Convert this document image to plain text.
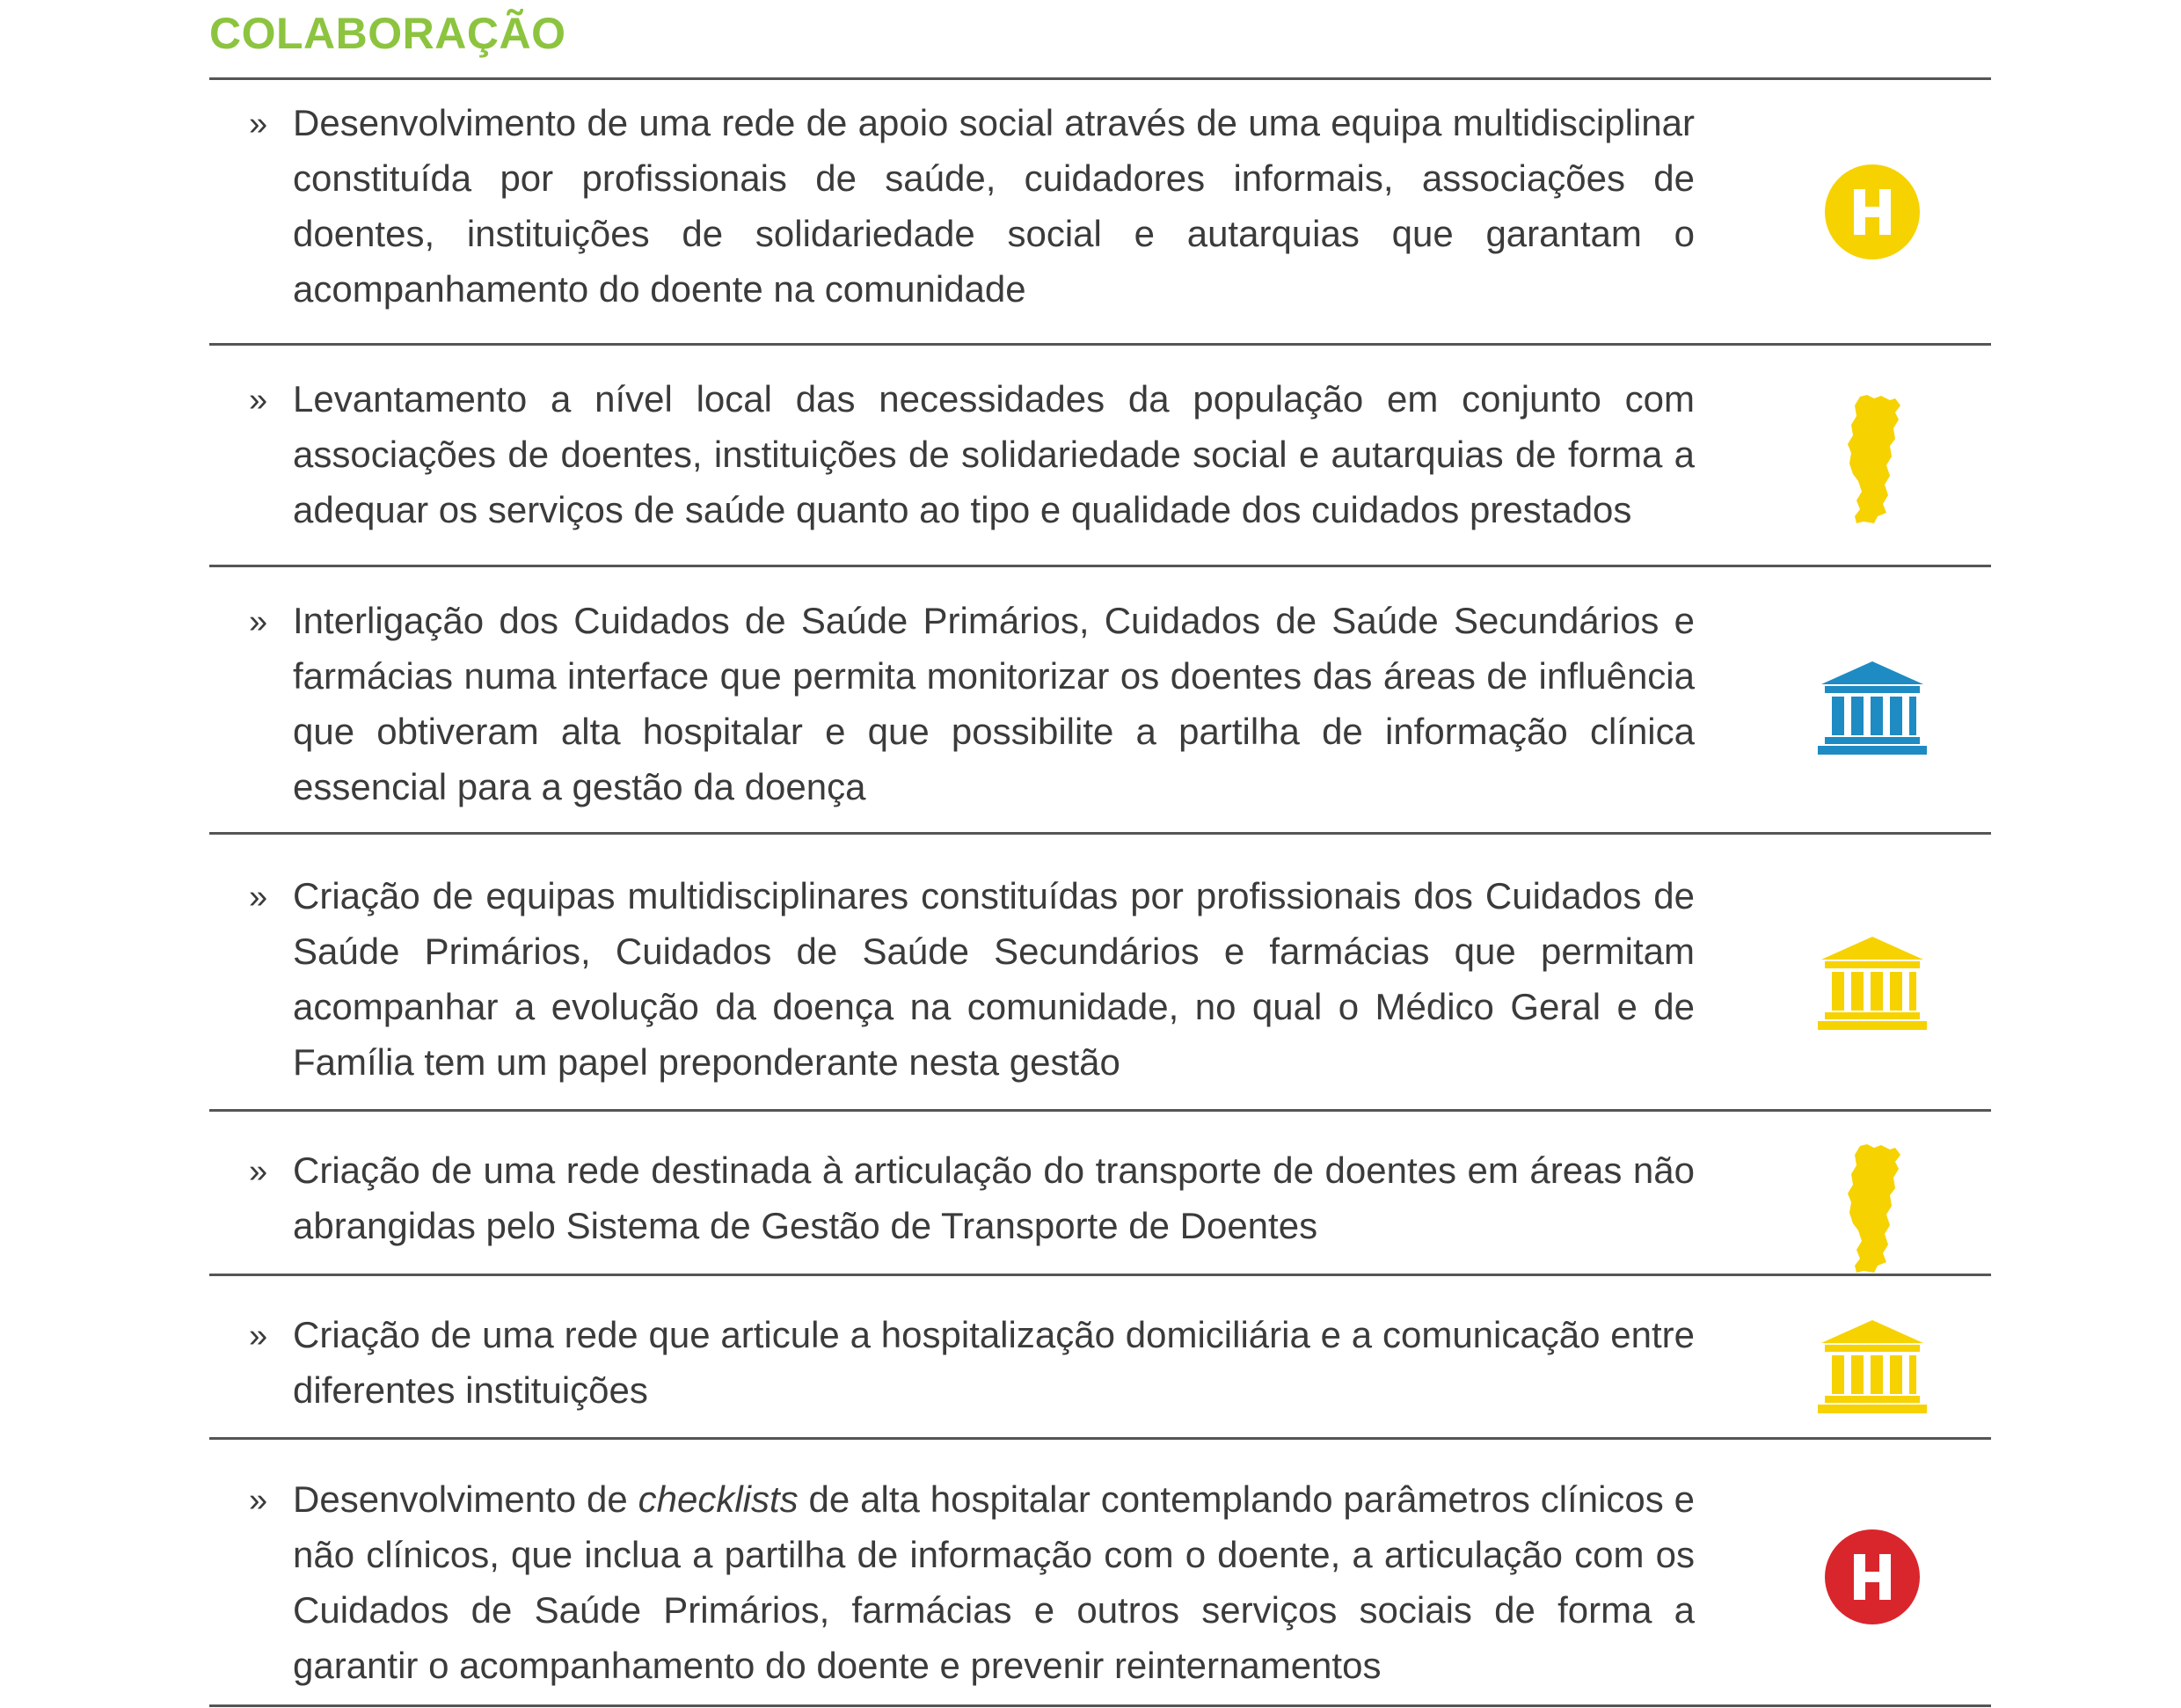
COLABORAÇÃO
» Desenvolvimento de uma rede de apoio social através de uma equipa multidisciplinar constituída por profissionais de saúde, cuidadores informais, associações de doentes, instituições de solidariedade social e autarquias que garantam o acompanhamento do doente na comunidade

» Levantamento a nível local das necessidades da população em conjunto com associações de doentes, instituições de solidariedade social e autarquias de forma a adequar os serviços de saúde quanto ao tipo e qualidade dos cuidados prestados

» Interligação dos Cuidados de Saúde Primários, Cuidados de Saúde Secundários e farmácias numa interface que permita monitorizar os doentes das áreas de influência que obtiveram alta hospitalar e que possibilite a partilha de informação clínica essencial para a gestão da doença

» Criação de equipas multidisciplinares constituídas por profissionais dos Cuidados de Saúde Primários, Cuidados de Saúde Secundários e farmácias que permitam acompanhar a evolução da doença na comunidade, no qual o Médico Geral e de Família tem um papel preponderante nesta gestão

» Criação de uma rede destinada à articulação do transporte de doentes em áreas não abrangidas pelo Sistema de Gestão de Transporte de Doentes

» Criação de uma rede que articule a hospitalização domiciliária e a comunicação entre diferentes instituições

» Desenvolvimento de checklists de alta hospitalar contemplando parâmetros clínicos e não clínicos, que inclua a partilha de informação com o doente, a articulação com os Cuidados de Saúde Primários, farmácias e outros serviços sociais de forma a garantir o acompanhamento do doente e prevenir reinternamentos
